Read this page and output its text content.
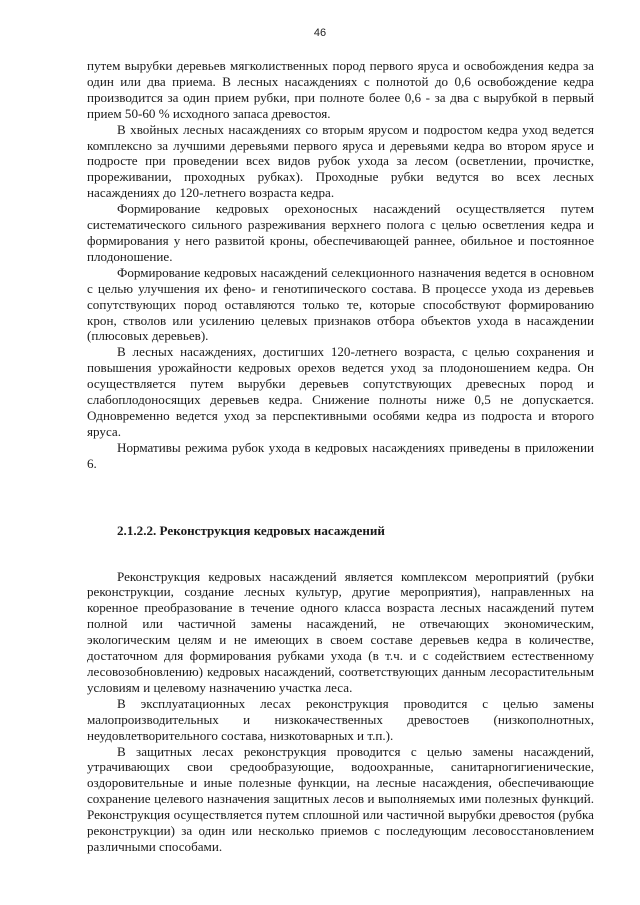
46

путем вырубки деревьев мягколиственных пород первого яруса и освобождения кедра за один или два приема. В лесных насаждениях с полнотой до 0,6 освобождение кедра производится за один прием рубки, при полноте более 0,6 - за два с вырубкой в первый прием 50-60 % исходного запаса древостоя.

В хвойных лесных насаждениях со вторым ярусом и подростом кедра уход ведется комплексно за лучшими деревьями первого яруса и деревьями кедра во втором ярусе и подросте при проведении всех видов рубок ухода за лесом (осветлении, прочистке, прореживании, проходных рубках). Проходные рубки ведутся во всех лесных насаждениях до 120-летнего возраста кедра.

Формирование кедровых орехоносных насаждений осуществляется путем систематического сильного разреживания верхнего полога с целью осветления кедра и формирования у него развитой кроны, обеспечивающей раннее, обильное и постоянное плодоношение.

Формирование кедровых насаждений селекционного назначения ведется в основном с целью улучшения их фено- и генотипического состава. В процессе ухода из деревьев сопутствующих пород оставляются только те, которые способствуют формированию крон, стволов или усилению целевых признаков отбора объектов ухода в насаждении (плюсовых деревьев).

В лесных насаждениях, достигших 120-летнего возраста, с целью сохранения и повышения урожайности кедровых орехов ведется уход за плодоношением кедра. Он осуществляется путем вырубки деревьев сопутствующих древесных пород и слабоплодоносящих деревьев кедра. Снижение полноты ниже 0,5 не допускается. Одновременно ведется уход за перспективными особями кедра из подроста и второго яруса.

Нормативы режима рубок ухода в кедровых насаждениях приведены в приложении 6.

2.1.2.2. Реконструкция кедровых насаждений

Реконструкция кедровых насаждений является комплексом мероприятий (рубки реконструкции, создание лесных культур, другие мероприятия), направленных на коренное преобразование в течение одного класса возраста лесных насаждений путем полной или частичной замены насаждений, не отвечающих экономическим, экологическим целям и не имеющих в своем составе деревьев кедра в количестве, достаточном для формирования рубками ухода (в т.ч. и с содействием естественному лесовозобновлению) кедровых насаждений, соответствующих данным лесорастительным условиям и целевому назначению участка леса.

В эксплуатационных лесах реконструкция проводится с целью замены малопроизводительных и низкокачественных древостоев (низкополнотных, неудовлетворительного состава, низкотоварных и т.п.).

В защитных лесах реконструкция проводится с целью замены насаждений, утрачивающих свои средообразующие, водоохранные, санитарногигиенические, оздоровительные и иные полезные функции, на лесные насаждения, обеспечивающие сохранение целевого назначения защитных лесов и выполняемых ими полезных функций. Реконструкция осуществляется путем сплошной или частичной вырубки древостоя (рубка реконструкции) за один или несколько приемов с последующим лесовосстановлением различными способами.
